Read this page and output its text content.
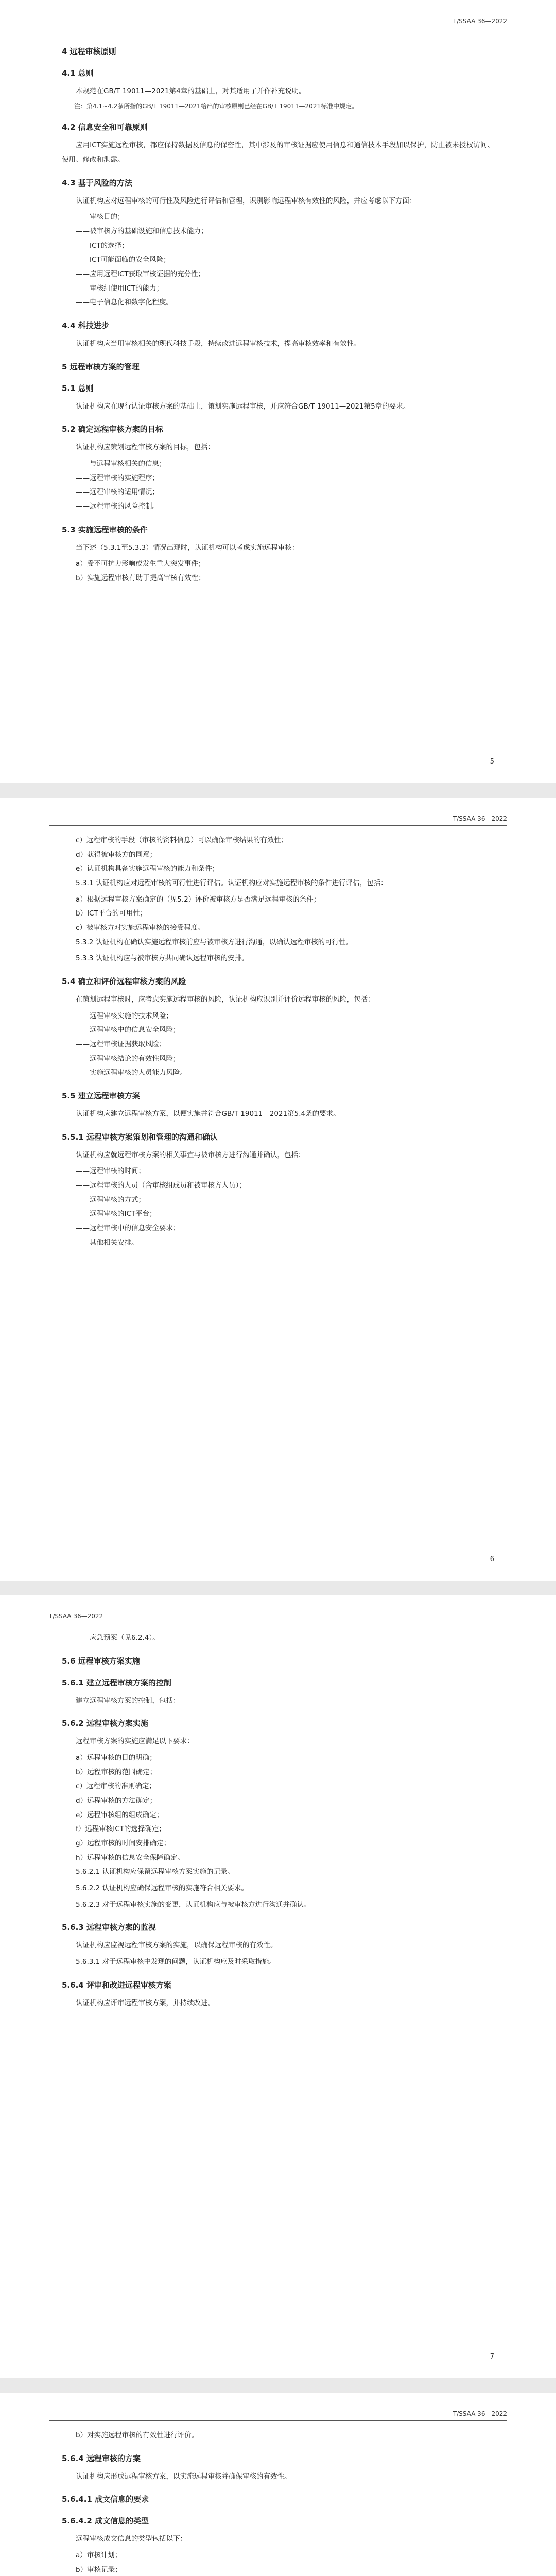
T/SSAA 36—2022
4 远程审核原则
4.1 总则
本规范在GB/T 19011—2021第4章的基础上，对其适用了并作补充说明。
注：第4.1~4.2条所指的GB/T 19011—2021给出的审核原则已经在GB/T 19011—2021标准中规定。
4.2 信息安全和可靠原则
应用ICT实施远程审核，都应保持数据及信息的保密性，其中涉及的审核证据应使用信息和通信技术手段加以保护，防止被未授权访问、使用、修改和泄露。
4.3 基于风险的方法
认证机构应对远程审核的可行性及风险进行评估和管理，识别影响远程审核有效性的风险，并应考虑以下方面：
——审核目的；
——被审核方的基础设施和信息技术能力；
——ICT的选择；
——ICT可能面临的安全风险；
——应用远程ICT获取审核证据的充分性；
——审核组使用ICT的能力；
——电子信息化和数字化程度。
4.4 科技进步
认证机构应当用审核相关的现代科技手段，持续改进远程审核技术，提高审核效率和有效性。
5 远程审核方案的管理
5.1 总则
认证机构应在现行认证审核方案的基础上，策划实施远程审核，并应符合GB/T 19011—2021第5章的要求。
5.2 确定远程审核方案的目标
认证机构应策划远程审核方案的目标，包括：
——与远程审核相关的信息；
——远程审核的实施程序；
——远程审核的适用情况；
——远程审核的风险控制。
5.3 实施远程审核的条件
当下述（5.3.1至5.3.3）情况出现时，认证机构可以考虑实施远程审核：
a）受不可抗力影响或发生重大突发事件；
b）实施远程审核有助于提高审核有效性；
5
T/SSAA 36—2022
c）远程审核的手段（审核的资料信息）可以确保审核结果的有效性；
d）获得被审核方的同意；
e）认证机构具备实施远程审核的能力和条件；
5.3.1 认证机构应对远程审核的可行性进行评估。认证机构应对实施远程审核的条件进行评估，包括：
a）根据远程审核方案确定的（见5.2）评价被审核方是否满足远程审核的条件；
b）ICT平台的可用性；
c）被审核方对实施远程审核的接受程度。
5.3.2 认证机构在确认实施远程审核前应与被审核方进行沟通，以确认远程审核的可行性。
5.3.3 认证机构应与被审核方共同确认远程审核的安排。
5.4 确立和评价远程审核方案的风险
在策划远程审核时，应考虑实施远程审核的风险，认证机构应识别并评价远程审核的风险，包括：
——远程审核实施的技术风险；
——远程审核中的信息安全风险；
——远程审核证据获取风险；
——远程审核结论的有效性风险；
——实施远程审核的人员能力风险。
5.5 建立远程审核方案
认证机构应建立远程审核方案，以便实施并符合GB/T 19011—2021第5.4条的要求。
5.5.1 远程审核方案策划和管理的沟通和确认
认证机构应就远程审核方案的相关事宜与被审核方进行沟通并确认，包括：
——远程审核的时间；
——远程审核的人员（含审核组成员和被审核方人员）；
——远程审核的方式；
——远程审核的ICT平台；
——远程审核中的信息安全要求；
——其他相关安排。
6
T/SSAA 36—2022
——应急预案（见6.2.4）。
5.6 远程审核方案实施
5.6.1 建立远程审核方案的控制
建立远程审核方案的控制，包括：
5.6.2 远程审核方案实施
远程审核方案的实施应满足以下要求：
a）远程审核的目的明确；
b）远程审核的范围确定；
c）远程审核的准则确定；
d）远程审核的方法确定；
e）远程审核组的组成确定；
f）远程审核ICT的选择确定；
g）远程审核的时间安排确定；
h）远程审核的信息安全保障确定。
5.6.2.1 认证机构应保留远程审核方案实施的记录。
5.6.2.2 认证机构应确保远程审核的实施符合相关要求。
5.6.2.3 对于远程审核实施的变更，认证机构应与被审核方进行沟通并确认。
5.6.3 远程审核方案的监视
认证机构应监视远程审核方案的实施，以确保远程审核的有效性。
5.6.3.1 对于远程审核中发现的问题，认证机构应及时采取措施。
5.6.4 评审和改进远程审核方案
认证机构应评审远程审核方案，并持续改进。
7
T/SSAA 36—2022
b）对实施远程审核的有效性进行评价。
5.6.4 远程审核的方案
认证机构应形成远程审核方案，以实施远程审核并确保审核的有效性。
5.6.4.1 成文信息的要求
5.6.4.2 成文信息的类型
远程审核成文信息的类型包括以下：
a）审核计划；
b）审核记录；
